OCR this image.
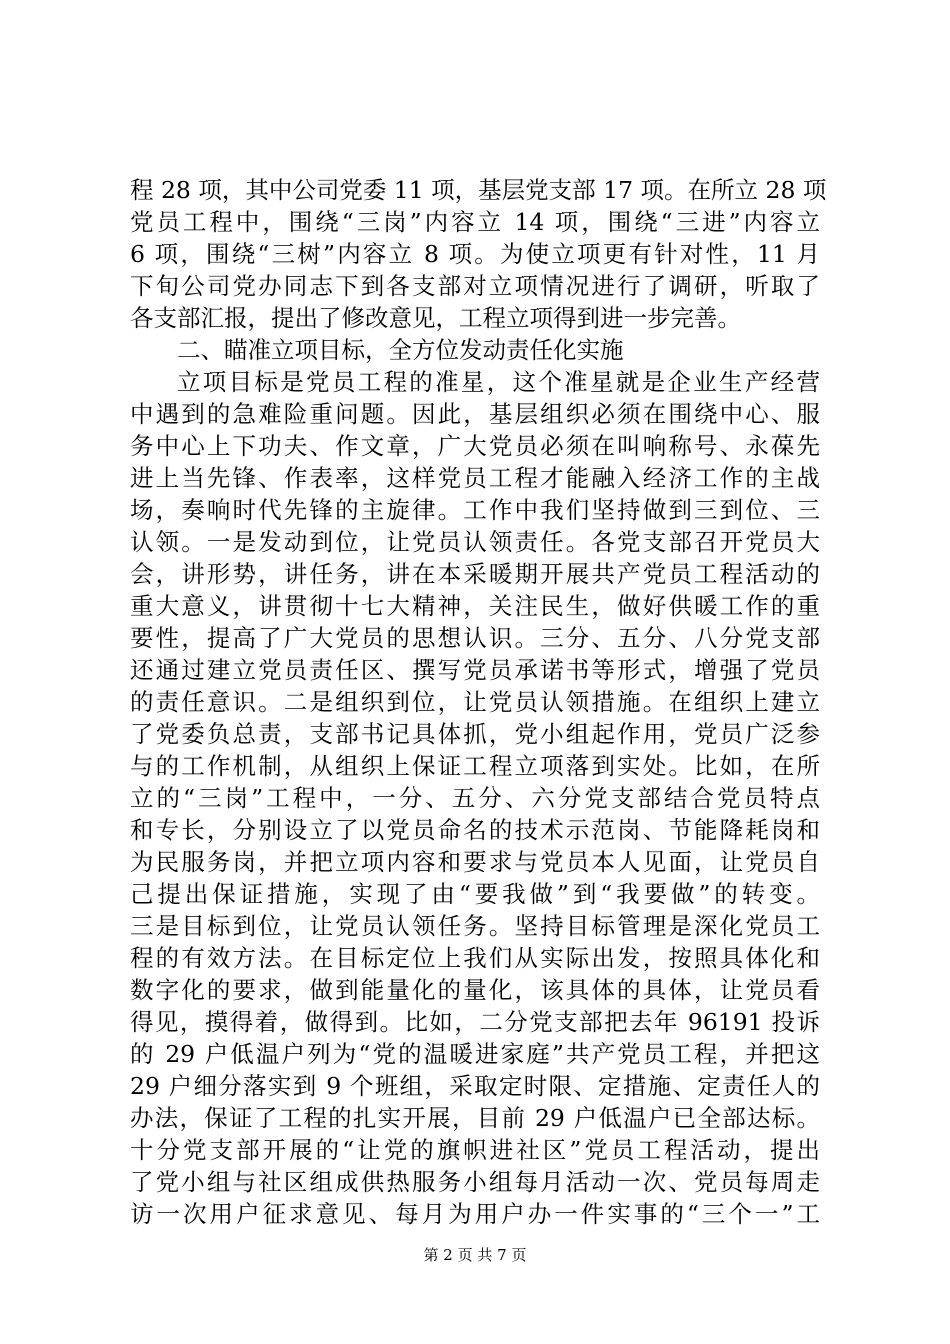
程 28 项，其中公司党委 11 项，基层党支部 17 项。在所立 28 项
党员工程中，围绕“三岗”内容立 14 项，围绕“三进”内容立
6 项，围绕“三树”内容立 8 项。为使立项更有针对性，11 月
下旬公司党办同志下到各支部对立项情况进行了调研，听取了
各支部汇报，提出了修改意见，工程立项得到进一步完善。
二、瞄准立项目标，全方位发动责任化实施
立项目标是党员工程的准星，这个准星就是企业生产经营
中遇到的急难险重问题。因此，基层组织必须在围绕中心、服
务中心上下功夫、作文章，广大党员必须在叫响称号、永葆先
进上当先锋、作表率，这样党员工程才能融入经济工作的主战
场，奏响时代先锋的主旋律。工作中我们坚持做到三到位、三
认领。一是发动到位，让党员认领责任。各党支部召开党员大
会，讲形势，讲任务，讲在本采暖期开展共产党员工程活动的
重大意义，讲贯彻十七大精神，关注民生，做好供暖工作的重
要性，提高了广大党员的思想认识。三分、五分、八分党支部
还通过建立党员责任区、撰写党员承诺书等形式，增强了党员
的责任意识。二是组织到位，让党员认领措施。在组织上建立
了党委负总责，支部书记具体抓，党小组起作用，党员广泛参
与的工作机制，从组织上保证工程立项落到实处。比如，在所
立的“三岗”工程中，一分、五分、六分党支部结合党员特点
和专长，分别设立了以党员命名的技术示范岗、节能降耗岗和
为民服务岗，并把立项内容和要求与党员本人见面，让党员自
己提出保证措施，实现了由“要我做”到“我要做”的转变。
三是目标到位，让党员认领任务。坚持目标管理是深化党员工
程的有效方法。在目标定位上我们从实际出发，按照具体化和
数字化的要求，做到能量化的量化，该具体的具体，让党员看
得见，摸得着，做得到。比如，二分党支部把去年 96191 投诉
的 29 户低温户列为“党的温暖进家庭”共产党员工程，并把这
29 户细分落实到 9 个班组，采取定时限、定措施、定责任人的
办法，保证了工程的扎实开展，目前 29 户低温户已全部达标。
十分党支部开展的“让党的旗帜进社区”党员工程活动，提出
了党小组与社区组成供热服务小组每月活动一次、党员每周走
访一次用户征求意见、每月为用户办一件实事的“三个一”工
第 2 页 共 7 页
